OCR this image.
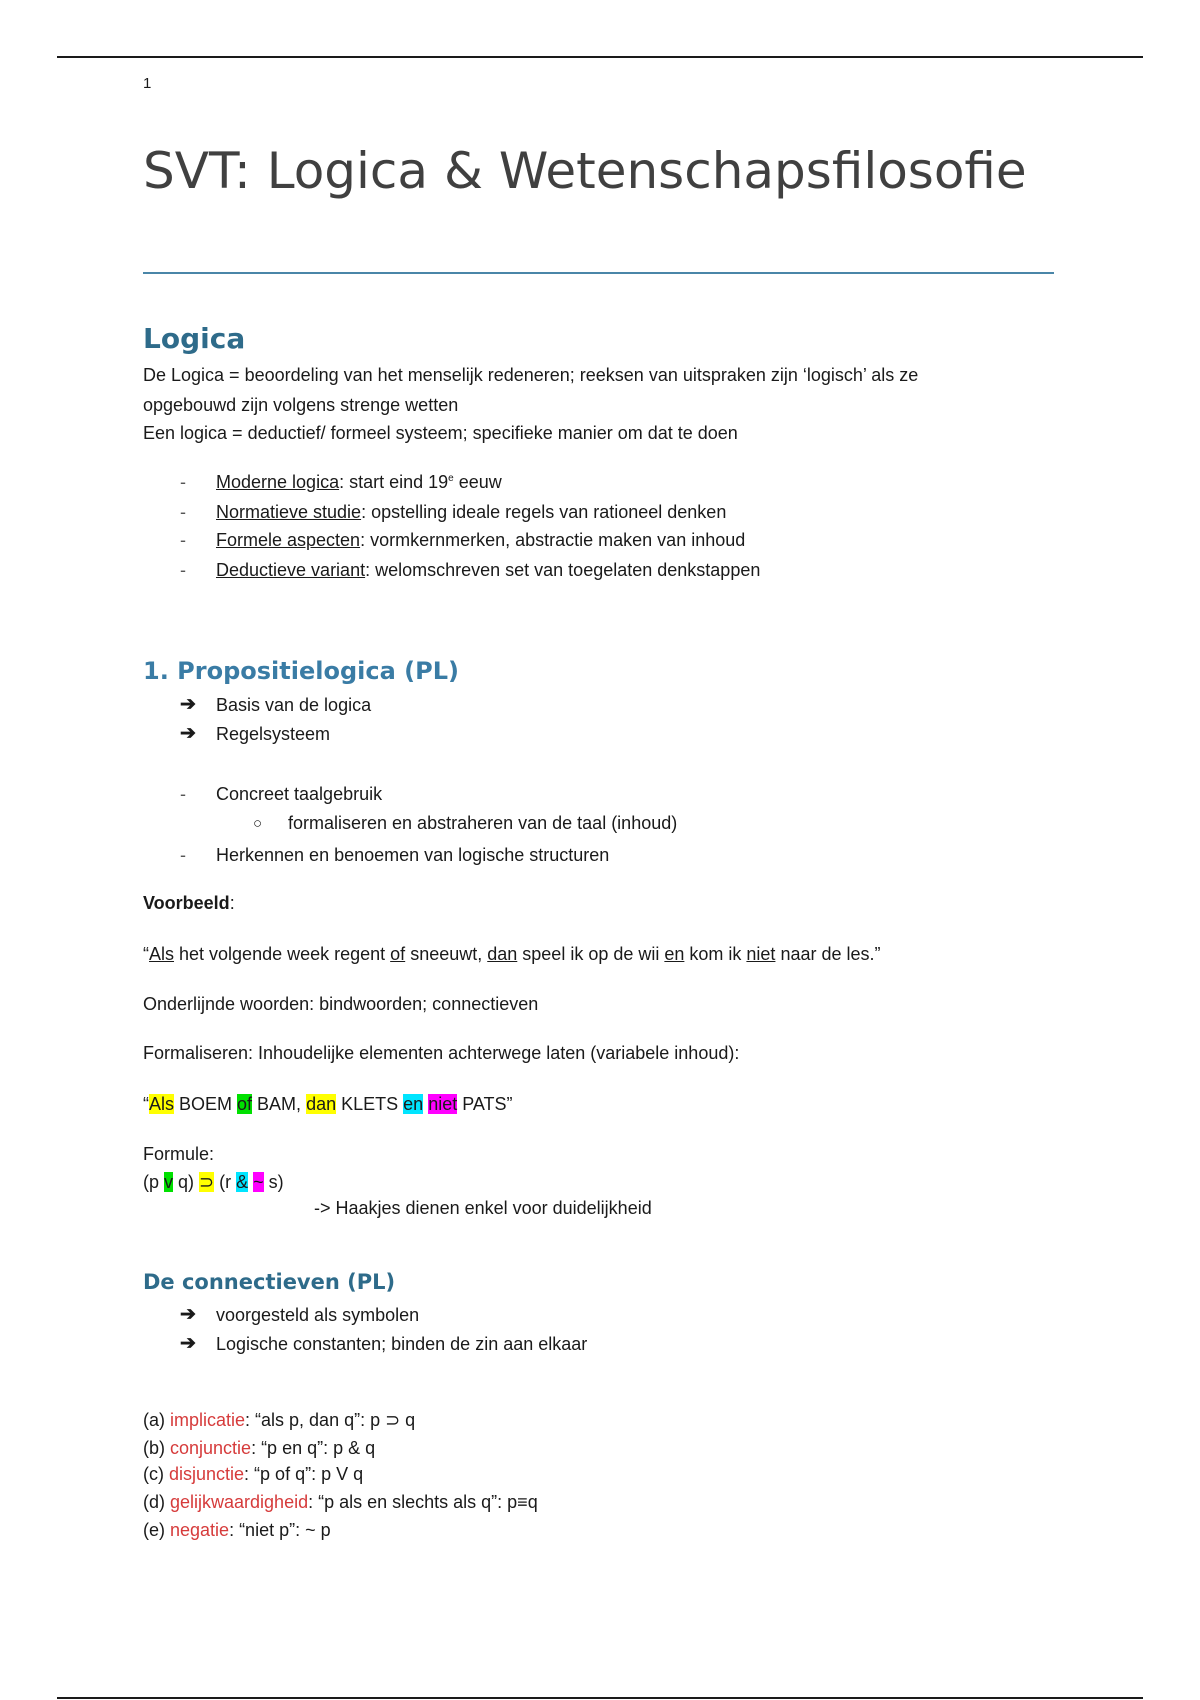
1
SVT: Logica & Wetenschapsfilosofie
Logica
De Logica = beoordeling van het menselijk redeneren; reeksen van uitspraken zijn ‘logisch’ als ze
opgebouwd zijn volgens strenge wetten
Een logica = deductief/ formeel systeem; specifieke manier om dat te doen
- Moderne logica: start eind 19e eeuw
- Normatieve studie: opstelling ideale regels van rationeel denken
- Formele aspecten: vormkernmerken, abstractie maken van inhoud
- Deductieve variant: welomschreven set van toegelaten denkstappen
1. Propositielogica (PL)
➔ Basis van de logica
➔ Regelsysteem
- Concreet taalgebruik
○ formaliseren en abstraheren van de taal (inhoud)
- Herkennen en benoemen van logische structuren
Voorbeeld:
“Als het volgende week regent of sneeuwt, dan speel ik op de wii en kom ik niet naar de les.”
Onderlijnde woorden: bindwoorden; connectieven
Formaliseren: Inhoudelijke elementen achterwege laten (variabele inhoud):
“Als BOEM of BAM, dan KLETS en niet PATS”
Formule:
(p v q) ⊃ (r & ~ s)
-> Haakjes dienen enkel voor duidelijkheid
De connectieven (PL)
➔ voorgesteld als symbolen
➔ Logische constanten; binden de zin aan elkaar
(a) implicatie: “als p, dan q”: p ⊃ q
(b) conjunctie: “p en q”: p & q
(c) disjunctie: “p of q”: p V q
(d) gelijkwaardigheid: “p als en slechts als q”: p≡q
(e) negatie: “niet p”: ~ p
